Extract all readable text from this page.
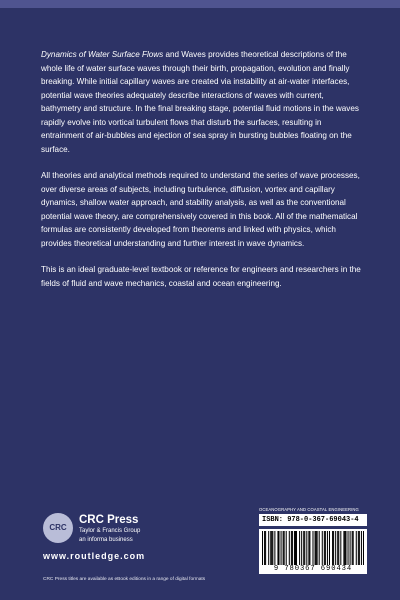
Dynamics of Water Surface Flows and Waves provides theoretical descriptions of the whole life of water surface waves through their birth, propagation, evolution and finally breaking. While initial capillary waves are created via instability at air-water interfaces, potential wave theories adequately describe interactions of waves with current, bathymetry and structure. In the final breaking stage, potential fluid motions in the waves rapidly evolve into vortical turbulent flows that disturb the surfaces, resulting in entrainment of air-bubbles and ejection of sea spray in bursting bubbles floating on the surface.

All theories and analytical methods required to understand the series of wave processes, over diverse areas of subjects, including turbulence, diffusion, vortex and capillary dynamics, shallow water approach, and stability analysis, as well as the conventional potential wave theory, are comprehensively covered in this book. All of the mathematical formulas are consistently developed from theorems and linked with physics, which provides theoretical understanding and further interest in wave dynamics.

This is an ideal graduate-level textbook or reference for engineers and researchers in the fields of fluid and wave mechanics, coastal and ocean engineering.

CRC
CRC Press
Taylor & Francis Group
an informa business
www.routledge.com
CRC Press titles are available as eBook editions in a range of digital formats
OCEANOGRAPHY AND COASTAL ENGINEERING
ISBN: 978-0-367-69043-4
9 780367 690434
